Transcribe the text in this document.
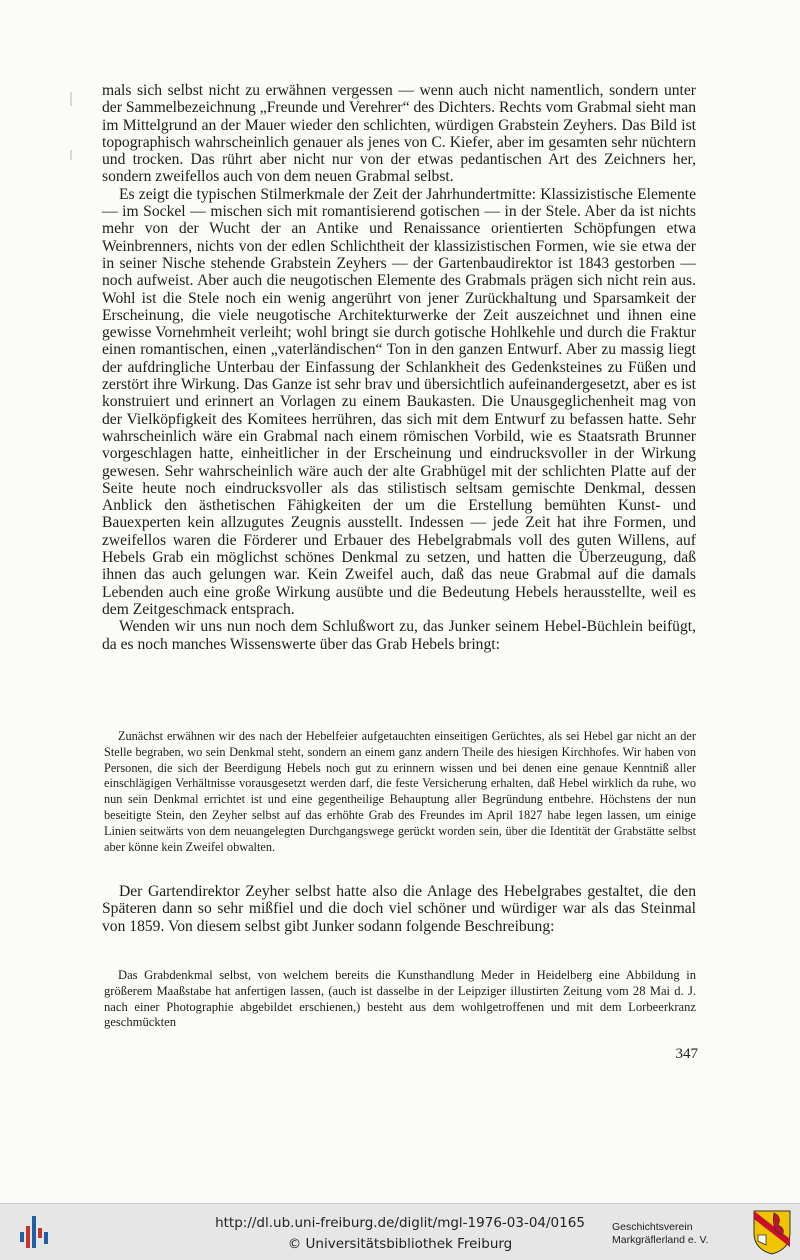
mals sich selbst nicht zu erwähnen vergessen — wenn auch nicht namentlich, sondern unter der Sammelbezeichnung „Freunde und Verehrer“ des Dichters. Rechts vom Grabmal sieht man im Mittelgrund an der Mauer wieder den schlichten, würdigen Grabstein Zeyhers. Das Bild ist topographisch wahrscheinlich genauer als jenes von C. Kiefer, aber im gesamten sehr nüchtern und trocken. Das rührt aber nicht nur von der etwas pedantischen Art des Zeichners her, sondern zweifellos auch von dem neuen Grabmal selbst.

Es zeigt die typischen Stilmerkmale der Zeit der Jahrhundertmitte: Klassizistische Elemente — im Sockel — mischen sich mit romantisierend gotischen — in der Stele. Aber da ist nichts mehr von der Wucht der an Antike und Renaissance orientierten Schöpfungen etwa Weinbrenners, nichts von der edlen Schlichtheit der klassizistischen Formen, wie sie etwa der in seiner Nische stehende Grabstein Zeyhers — der Gartenbaudirektor ist 1843 gestorben — noch aufweist. Aber auch die neugotischen Elemente des Grabmals prägen sich nicht rein aus. Wohl ist die Stele noch ein wenig angerührt von jener Zurückhaltung und Sparsamkeit der Erscheinung, die viele neugotische Architekturwerke der Zeit auszeichnet und ihnen eine gewisse Vornehmheit verleiht; wohl bringt sie durch gotische Hohlkehle und durch die Fraktur einen romantischen, einen „vaterländischen“ Ton in den ganzen Entwurf. Aber zu massig liegt der aufdringliche Unterbau der Einfassung der Schlankheit des Gedenksteines zu Füßen und zerstört ihre Wirkung. Das Ganze ist sehr brav und übersichtlich aufeinandergesetzt, aber es ist konstruiert und erinnert an Vorlagen zu einem Baukasten. Die Unausgeglichenheit mag von der Vielköpfigkeit des Komitees herrühren, das sich mit dem Entwurf zu befassen hatte. Sehr wahrscheinlich wäre ein Grabmal nach einem römischen Vorbild, wie es Staatsrath Brunner vorgeschlagen hatte, einheitlicher in der Erscheinung und eindrucksvoller in der Wirkung gewesen. Sehr wahrscheinlich wäre auch der alte Grabhügel mit der schlichten Platte auf der Seite heute noch eindrucksvoller als das stilistisch seltsam gemischte Denkmal, dessen Anblick den ästhetischen Fähigkeiten der um die Erstellung bemühten Kunst- und Bauexperten kein allzugutes Zeugnis ausstellt. Indessen — jede Zeit hat ihre Formen, und zweifellos waren die Förderer und Erbauer des Hebelgrabmals voll des guten Willens, auf Hebels Grab ein möglichst schönes Denkmal zu setzen, und hatten die Überzeugung, daß ihnen das auch gelungen war. Kein Zweifel auch, daß das neue Grabmal auf die damals Lebenden auch eine große Wirkung ausübte und die Bedeutung Hebels herausstellte, weil es dem Zeitgeschmack entsprach.

Wenden wir uns nun noch dem Schlußwort zu, das Junker seinem Hebel-Büchlein beifügt, da es noch manches Wissenswerte über das Grab Hebels bringt:

Zunächst erwähnen wir des nach der Hebelfeier aufgetauchten einseitigen Gerüchtes, als sei Hebel gar nicht an der Stelle begraben, wo sein Denkmal steht, sondern an einem ganz andern Theile des hiesigen Kirchhofes. Wir haben von Personen, die sich der Beerdigung Hebels noch gut zu erinnern wissen und bei denen eine genaue Kenntniß aller einschlägigen Verhältnisse vorausgesetzt werden darf, die feste Versicherung erhalten, daß Hebel wirklich da ruhe, wo nun sein Denkmal errichtet ist und eine gegentheilige Behauptung aller Begründung entbehre. Höchstens der nun beseitigte Stein, den Zeyher selbst auf das erhöhte Grab des Freundes im April 1827 habe legen lassen, um einige Linien seitwärts von dem neuangelegten Durchgangswege gerückt worden sein, über die Identität der Grabstätte selbst aber könne kein Zweifel obwalten.

Der Gartendirektor Zeyher selbst hatte also die Anlage des Hebelgrabes gestaltet, die den Späteren dann so sehr mißfiel und die doch viel schöner und würdiger war als das Steinmal von 1859. Von diesem selbst gibt Junker sodann folgende Beschreibung:

Das Grabdenkmal selbst, von welchem bereits die Kunsthandlung Meder in Heidelberg eine Abbildung in größerem Maaßstabe hat anfertigen lassen, (auch ist dasselbe in der Leipziger illustirten Zeitung vom 28 Mai d. J. nach einer Photographie abgebildet erschienen,) besteht aus dem wohlgetroffenen und mit dem Lorbeerkranz geschmückten

347
http://dl.ub.uni-freiburg.de/diglit/mgl-1976-03-04/0165
© Universitätsbibliothek Freiburg
Geschichtsverein
Markgräflerland e. V.
